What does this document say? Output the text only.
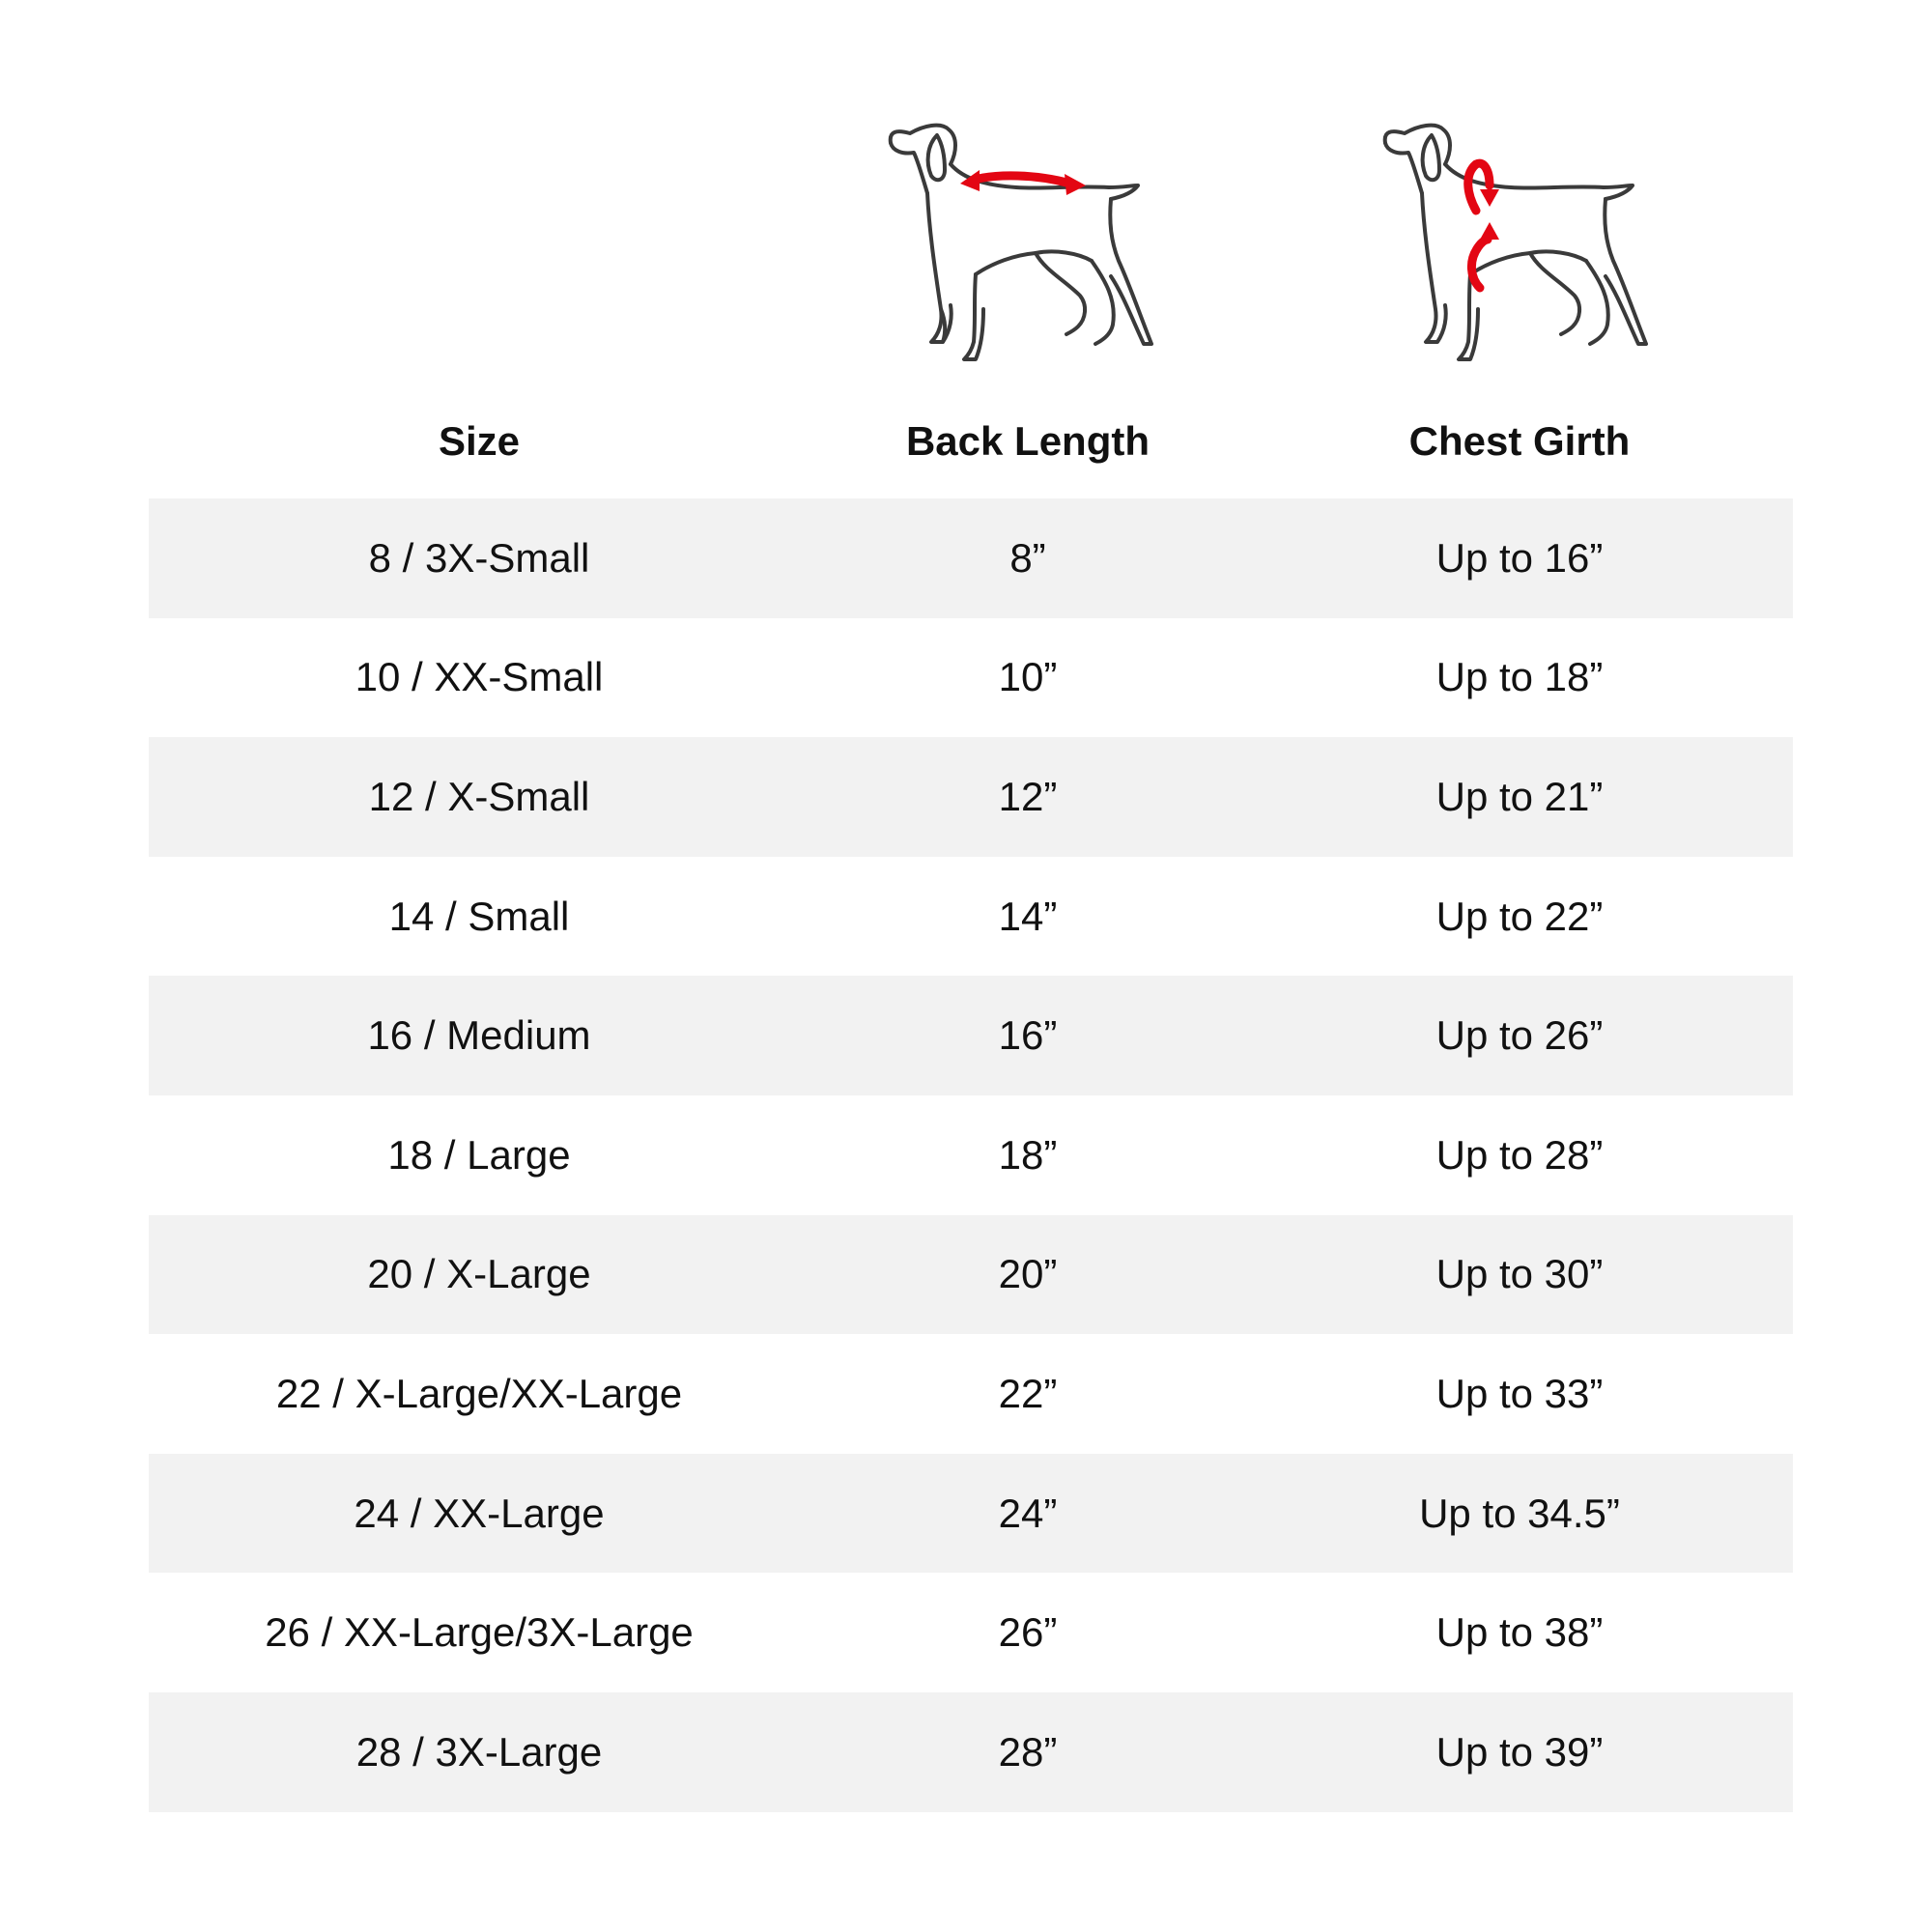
Size	Back Length	Chest Girth
8 / 3X-Small	8”	Up to 16”
10 / XX-Small	10”	Up to 18”
12 / X-Small	12”	Up to 21”
14 / Small	14”	Up to 22”
16 / Medium	16”	Up to 26”
18 / Large	18”	Up to 28”
20 / X-Large	20”	Up to 30”
22 / X-Large/XX-Large	22”	Up to 33”
24 / XX-Large	24”	Up to 34.5”
26 / XX-Large/3X-Large	26”	Up to 38”
28 / 3X-Large	28”	Up to 39”
